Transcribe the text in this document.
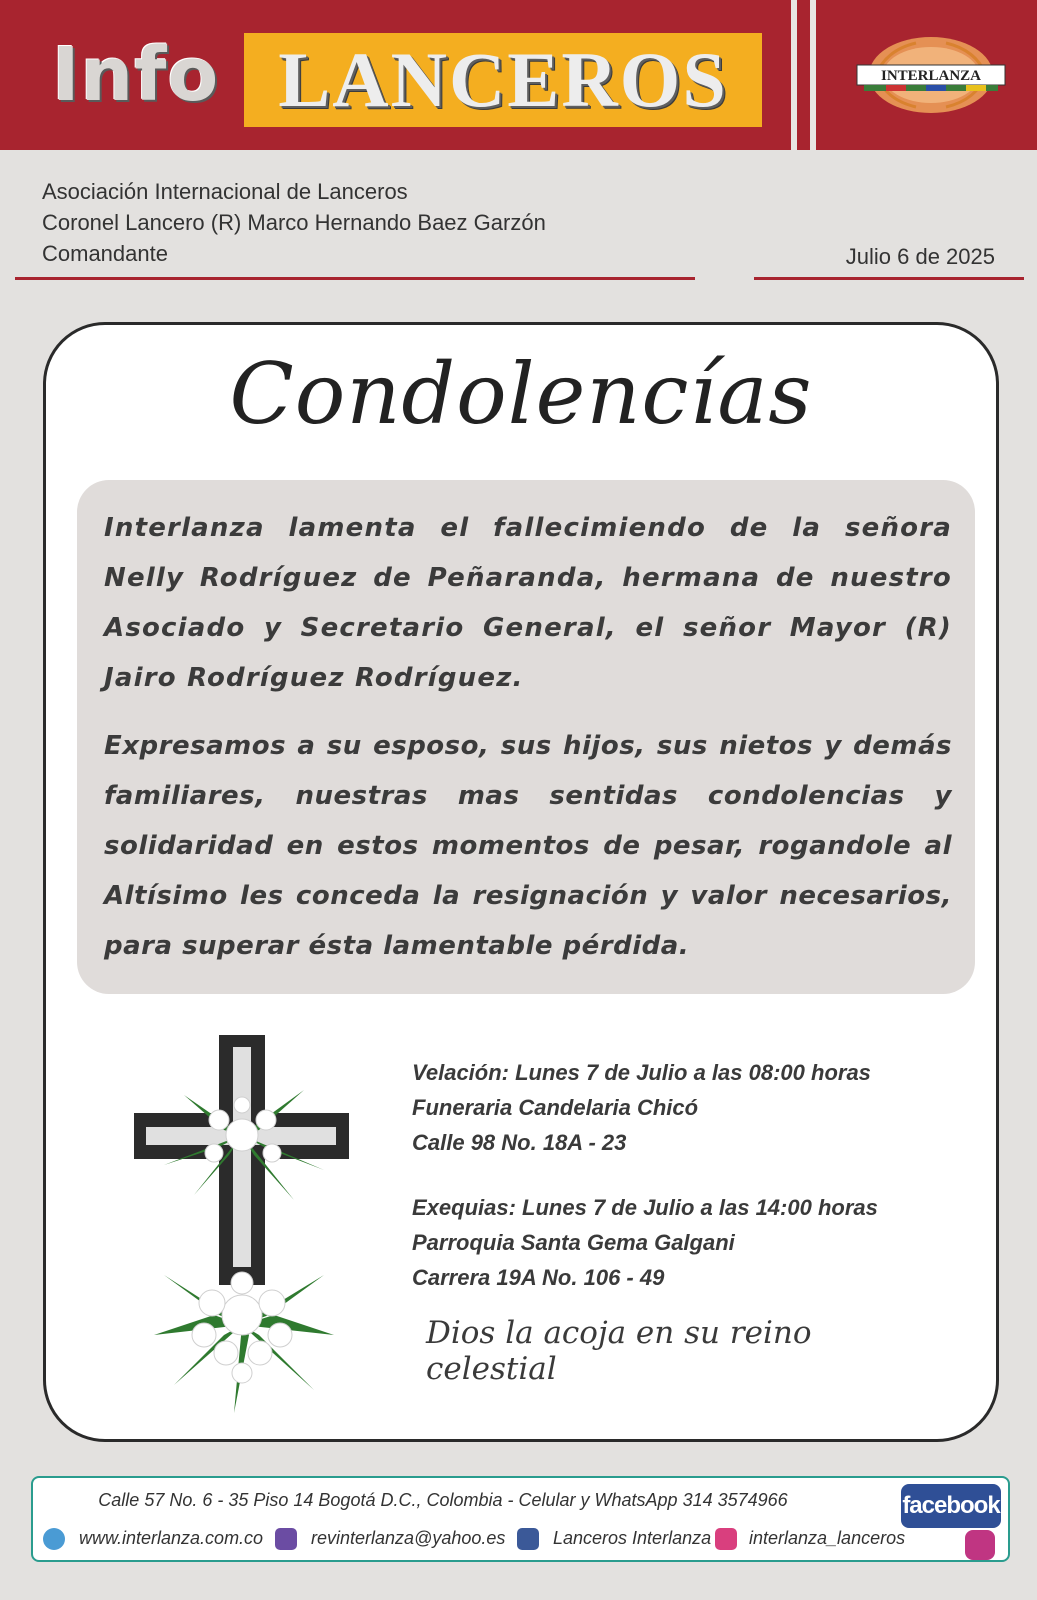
Info LANCEROS	INTERLANZA
Asociación Internacional de Lanceros
Coronel Lancero (R) Marco Hernando Baez Garzón
Comandante	Julio 6 de 2025
Condolencías

Interlanza lamenta el fallecimiendo de la señora Nelly Rodríguez de Peñaranda, hermana de nuestro Asociado y Secretario General, el señor Mayor (R) Jairo Rodríguez Rodríguez.

Expresamos a su esposo, sus hijos, sus nietos y demás familiares, nuestras mas sentidas condolencias y solidaridad en estos momentos de pesar, rogandole al Altísimo les conceda la resignación y valor necesarios, para superar ésta lamentable pérdida.

Velación: Lunes 7 de Julio a las 08:00 horas
Funeraria Candelaria Chicó
Calle 98 No. 18A - 23
Exequias: Lunes 7 de Julio a las 14:00 horas
Parroquia Santa Gema Galgani
Carrera 19A No. 106 - 49
Dios la acoja en su reino celestial
Calle 57 No. 6 - 35 Piso 14 Bogotá D.C., Colombia - Celular y WhatsApp 314 3574966
www.interlanza.com.co	revinterlanza@yahoo.es	Lanceros Interlanza interlanza_lanceros
facebook
